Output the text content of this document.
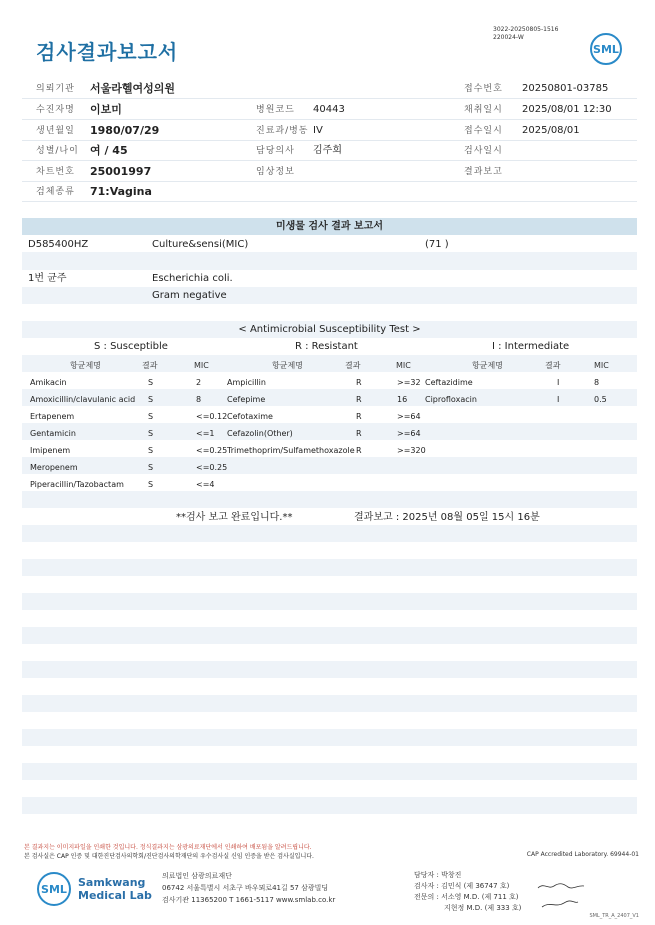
검사결과보고서
3022-20250805-1516
220024-W
SML
의뢰기관 서울라헬여성의원	접수번호 20250801-03785
수진자명 이보미	병원코드 40443	채취일시 2025/08/01 12:30
생년월일 1980/07/29	진료과/병동 IV	접수일시 2025/08/01
성별/나이 여 / 45	담당의사 김주희	검사일시
차트번호 25001997	임상정보	결과보고
검체종류 71:Vagina
미생물 검사 결과 보고서
D585400HZ	Culture&sensi(MIC)	(71 )
1번 균주	Escherichia coli.
Gram negative
< Antimicrobial Susceptibility Test >
S : Susceptible	R : Resistant	I : Intermediate
항균제명	결과	MIC
Amikacin	S	2
Amoxicillin/clavulanic acid S	8
Ertapenem	S	<=0.12
Gentamicin	S	<=1
Imipenem	S	<=0.25
Meropenem	S	<=0.25
Piperacillin/Tazobactam	S	<=4
항균제명	결과	MIC
Ampicillin	R	>=32
Cefepime	R	16
Cefotaxime	R	>=64
Cefazolin(Other)	R	>=64
Trimethoprim/Sulfamethoxazole R	>=320
항균제명	결과	MIC
Ceftazidime	I	8
Ciprofloxacin	I	0.5
**검사 보고 완료입니다.**	결과보고 : 2025년 08월 05일 15시 16분
본 결과지는 이미지파일을 인쇄한 것입니다. 정식결과지는 삼광의료재단에서 인쇄하여 배포됨을 알려드립니다.
본 검사실은 CAP 인증 및 대한진단검사의학회/진단검사의학재단의 우수검사실 신임 인증을 받은 검사실입니다.	CAP Accredited Laboratory. 69944-01
SML	Samkwang
Medical Lab
의료법인 삼광의료재단
06742 서울특별시 서초구 바우뫼로41길 57 삼광빌딩
검사기관 11365200 T 1661-5117 www.smlab.co.kr
담당자 : 박창진
검사자 : 김민식 (제 36747 호)
전문의 : 서소영 M.D. (제 711 호)
지현정 M.D. (제 333 호)
SML_TR_A_2407_V1
